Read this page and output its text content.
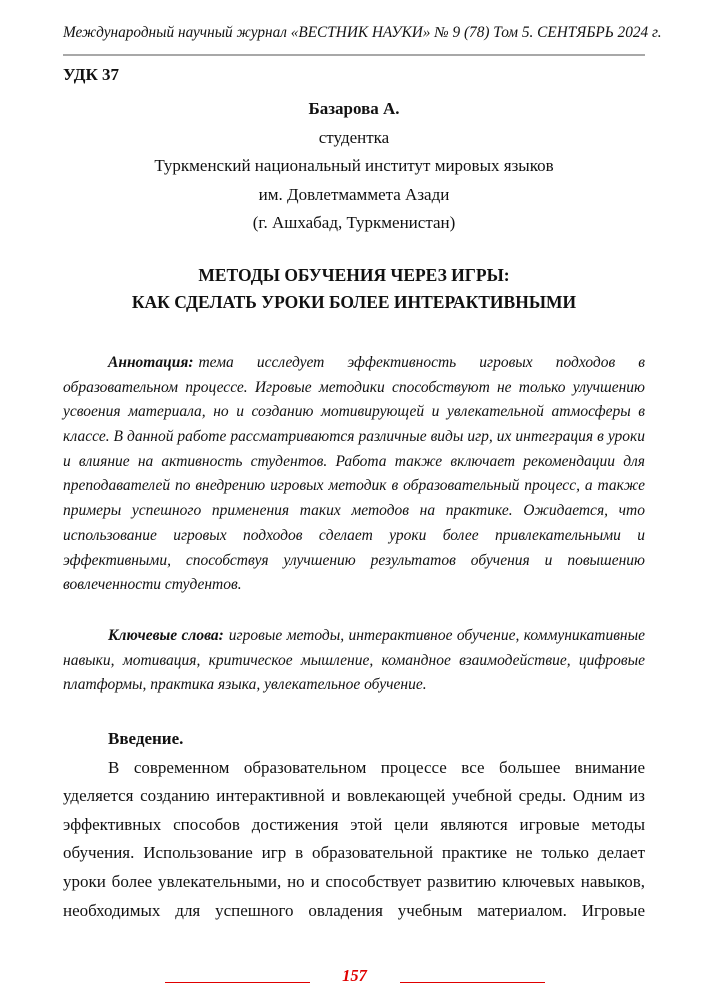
Международный научный журнал «ВЕСТНИК НАУКИ» № 9 (78) Том 5. СЕНТЯБРЬ 2024 г.
УДК 37
Базарова А.
студентка
Туркменский национальный институт мировых языков
им. Довлетмаммета Азади
(г. Ашхабад, Туркменистан)
МЕТОДЫ ОБУЧЕНИЯ ЧЕРЕЗ ИГРЫ:
КАК СДЕЛАТЬ УРОКИ БОЛЕЕ ИНТЕРАКТИВНЫМИ

Аннотация: тема исследует эффективность игровых подходов в образовательном процессе. Игровые методики способствуют не только улучшению усвоения материала, но и созданию мотивирующей и увлекательной атмосферы в классе. В данной работе рассматриваются различные виды игр, их интеграция в уроки и влияние на активность студентов. Работа также включает рекомендации для преподавателей по внедрению игровых методик в образовательный процесс, а также примеры успешного применения таких методов на практике. Ожидается, что использование игровых подходов сделает уроки более привлекательными и эффективными, способствуя улучшению результатов обучения и повышению вовлеченности студентов.

Ключевые слова: игровые методы, интерактивное обучение, коммуникативные навыки, мотивация, критическое мышление, командное взаимодействие, цифровые платформы, практика языка, увлекательное обучение.

Введение.

В современном образовательном процессе все большее внимание уделяется созданию интерактивной и вовлекающей учебной среды. Одним из эффективных способов достижения этой цели являются игровые методы обучения. Использование игр в образовательной практике не только делает уроки более увлекательными, но и способствует развитию ключевых навыков, необходимых для успешного овладения учебным материалом. Игровые

157
